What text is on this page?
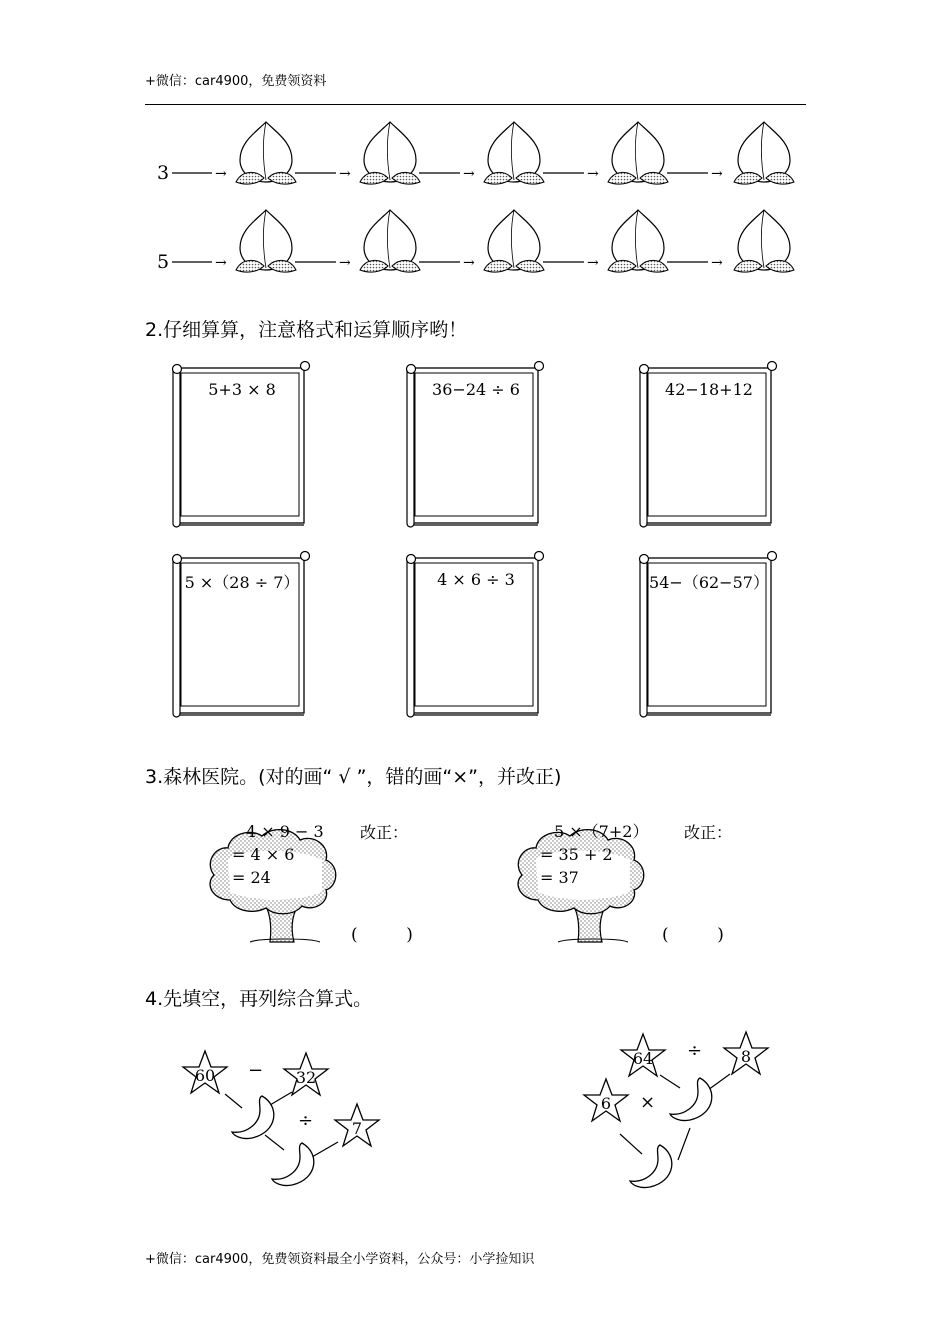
+微信：car4900，免费领资料
→	→	→	→	→
→	→	→	→	→
3
5
2.仔细算算，注意格式和运算顺序哟！
5+3 × 8	36−24 ÷ 6	42−18+12
5 ×（28 ÷ 7）	4 × 6 ÷ 3	54−（62−57）
3.森林医院。(对的画“ √ ”，错的画“×”，并改正)
4 × 9 − 3
= 4 × 6
= 24
改正：
(         )
5 ×（7+2）
= 35 + 2
= 37
改正：
(         )
4.先填空，再列综合算式。
60	−	32
÷	7
64	÷	8
×
6
+微信：car4900，免费领资料最全小学资料，公众号：小学捡知识
